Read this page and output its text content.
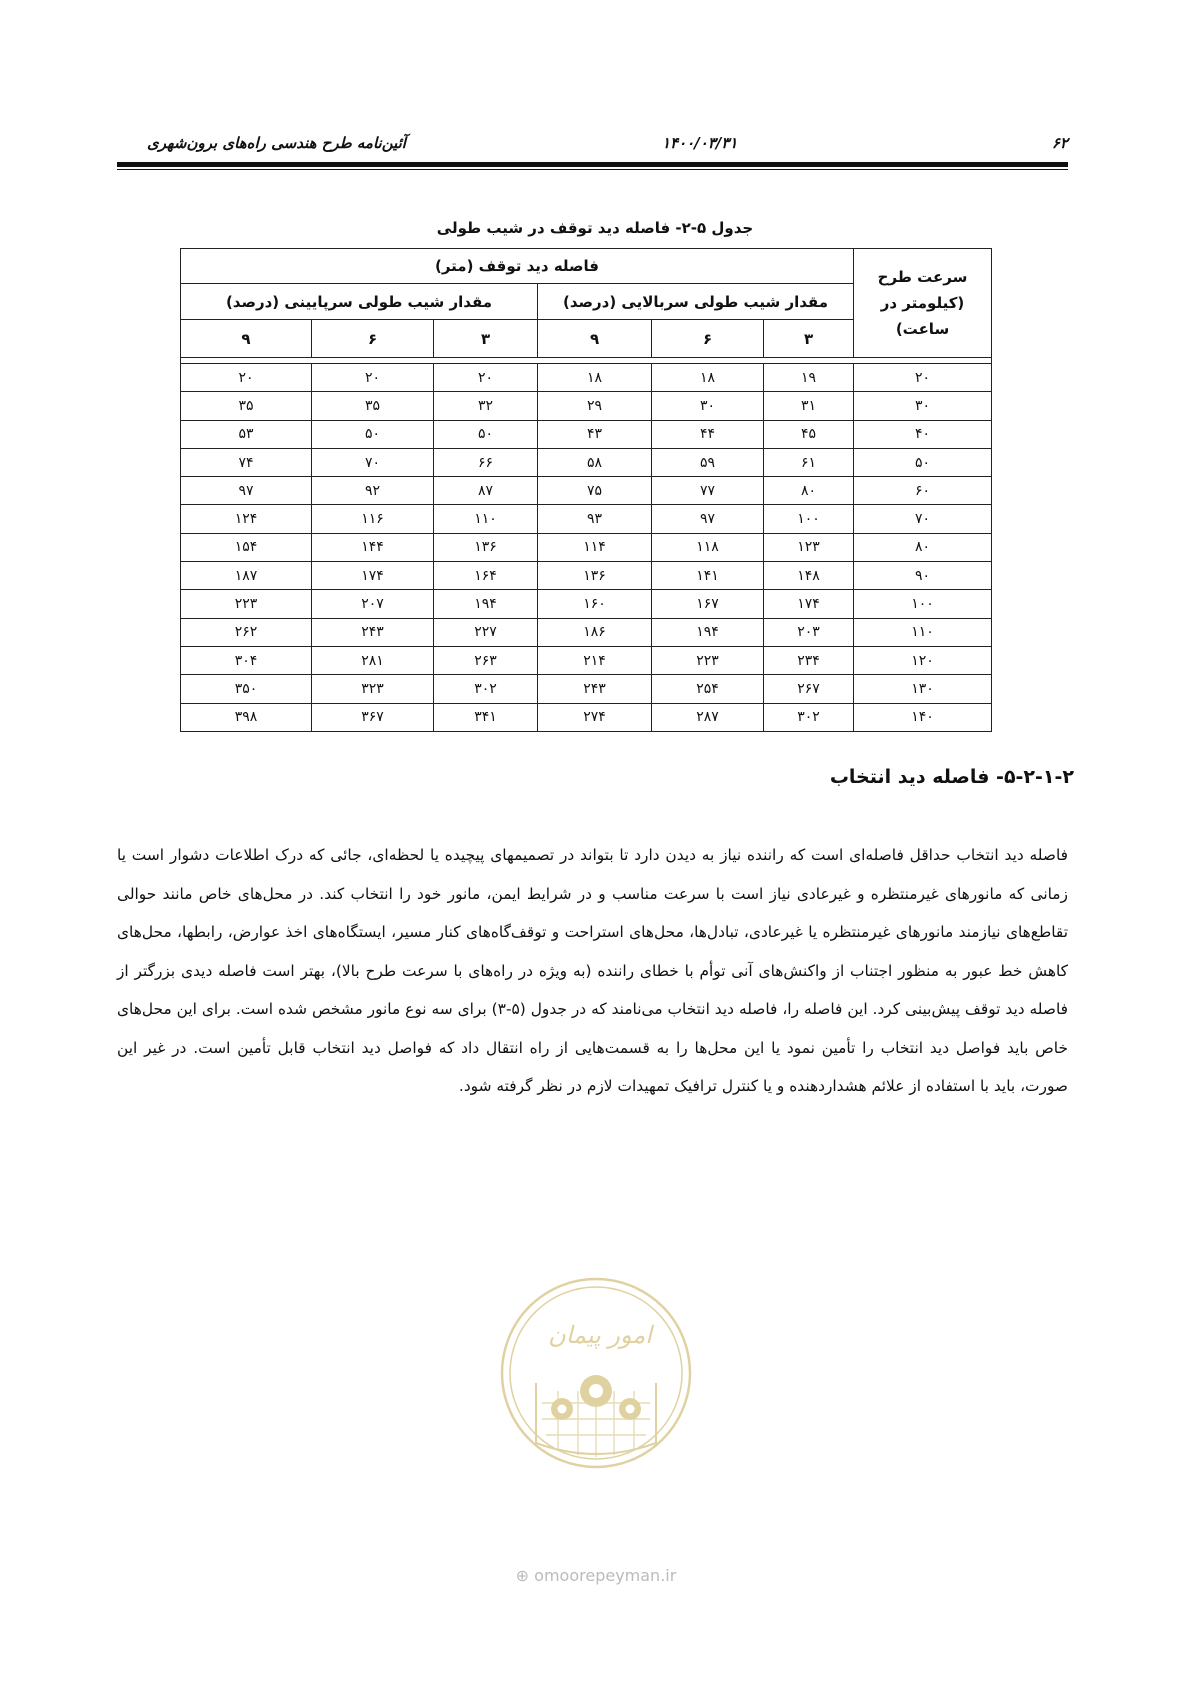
آئین‌نامه طرح هندسی راه‌های برون‌شهری	۱۴۰۰/۰۳/۳۱	۶۲
جدول ۵-۲- فاصله دید توقف در شیب طولی
سرعت طرح
(کیلومتر در ساعت)	فاصله دید توقف (متر)					
	مقدار شیب طولی سربالایی (درصد)			مقدار شیب طولی سرپایینی (درصد)		
	۳	۶	۹	۳	۶	۹

۲۰	۱۹	۱۸	۱۸	۲۰	۲۰	۲۰
۳۰	۳۱	۳۰	۲۹	۳۲	۳۵	۳۵
۴۰	۴۵	۴۴	۴۳	۵۰	۵۰	۵۳
۵۰	۶۱	۵۹	۵۸	۶۶	۷۰	۷۴
۶۰	۸۰	۷۷	۷۵	۸۷	۹۲	۹۷
۷۰	۱۰۰	۹۷	۹۳	۱۱۰	۱۱۶	۱۲۴
۸۰	۱۲۳	۱۱۸	۱۱۴	۱۳۶	۱۴۴	۱۵۴
۹۰	۱۴۸	۱۴۱	۱۳۶	۱۶۴	۱۷۴	۱۸۷
۱۰۰	۱۷۴	۱۶۷	۱۶۰	۱۹۴	۲۰۷	۲۲۳
۱۱۰	۲۰۳	۱۹۴	۱۸۶	۲۲۷	۲۴۳	۲۶۲
۱۲۰	۲۳۴	۲۲۳	۲۱۴	۲۶۳	۲۸۱	۳۰۴
۱۳۰	۲۶۷	۲۵۴	۲۴۳	۳۰۲	۳۲۳	۳۵۰
۱۴۰	۳۰۲	۲۸۷	۲۷۴	۳۴۱	۳۶۷	۳۹۸
۵-۲-۱-۲- فاصله دید انتخاب

فاصله دید انتخاب حداقل فاصله‌ای است که راننده نیاز به دیدن دارد تا بتواند در تصمیمهای پیچیده یا لحظه‌ای، جائی که درک اطلاعات دشوار است یا زمانی که مانورهای غیرمنتظره و غیرعادی نیاز است با سرعت مناسب و در شرایط ایمن، مانور خود را انتخاب کند. در محل‌های خاص مانند حوالی تقاطع‌های نیازمند مانورهای غیرمنتظره یا غیرعادی، تبادل‌ها، محل‌های استراحت و توقف‌گاه‌های کنار مسیر، ایستگاه‌های اخذ عوارض، رابطها، محل‌های کاهش خط عبور به منظور اجتناب از واکنش‌های آنی توأم با خطای راننده (به ویژه در راه‌های با سرعت طرح بالا)، بهتر است فاصله دیدی بزرگتر از فاصله دید توقف پیش‌بینی کرد. این فاصله را، فاصله دید انتخاب می‌نامند که در جدول (۵-۳) برای سه نوع مانور مشخص شده است. برای این محل‌های خاص باید فواصل دید انتخاب را تأمین نمود یا این محل‌ها را به قسمت‌هایی از راه انتقال داد که فواصل دید انتخاب قابل تأمین است. در غیر این صورت، باید با استفاده از علائم هشداردهنده و یا کنترل ترافیک تمهیدات لازم در نظر گرفته شود.

امور پیمان
⊕ omoorepeyman.ir
